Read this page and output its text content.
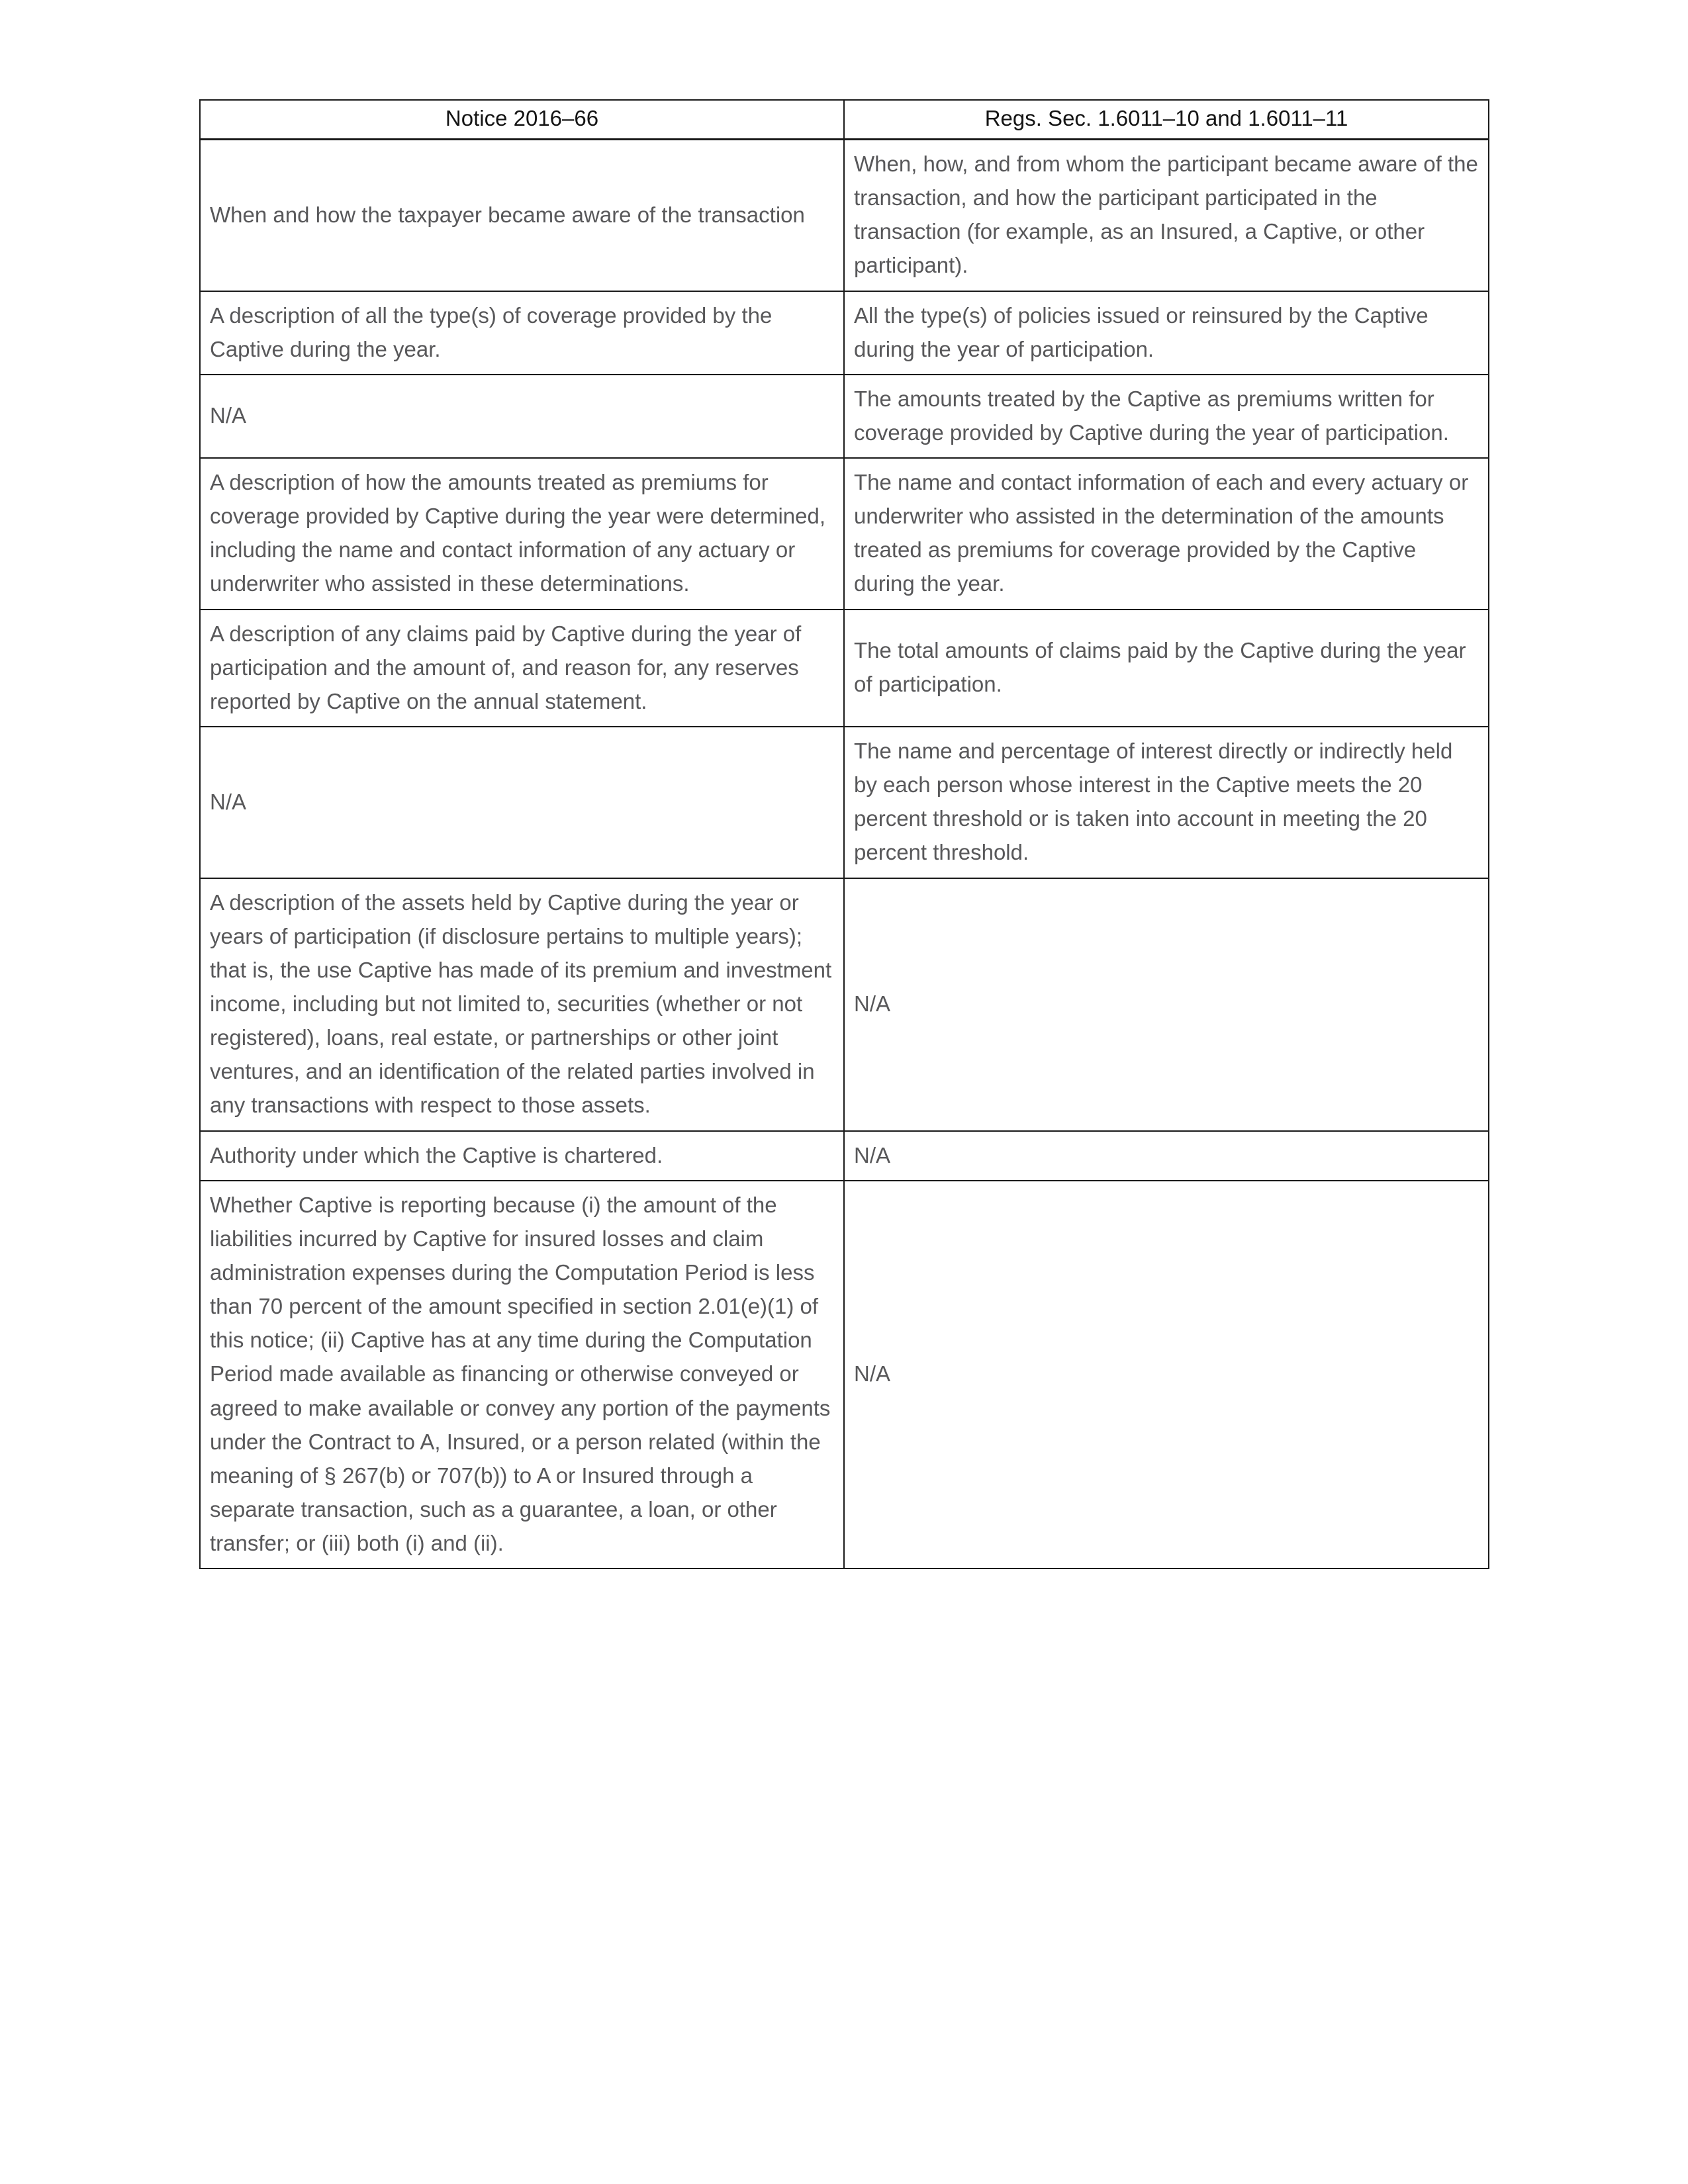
Notice 2016–66	Regs. Sec. 1.6011–10 and 1.6011–11

When and how the taxpayer became aware of the transaction	When, how, and from whom the participant became aware of the transaction, and how the participant participated in the transaction (for example, as an Insured, a Captive, or other participant).

A description of all the type(s) of coverage provided by the Captive during the year.	All the type(s) of policies issued or reinsured by the Captive during the year of participation.

N/A	The amounts treated by the Captive as premiums written for coverage provided by Captive during the year of participation.

A description of how the amounts treated as premiums for coverage provided by Captive during the year were determined, including the name and contact information of any actuary or underwriter who assisted in these determinations.	The name and contact information of each and every actuary or underwriter who assisted in the determination of the amounts treated as premiums for coverage provided by the Captive during the year.

A description of any claims paid by Captive during the year of participation and the amount of, and reason for, any reserves reported by Captive on the annual statement.	The total amounts of claims paid by the Captive during the year of participation.

N/A	The name and percentage of interest directly or indirectly held by each person whose interest in the Captive meets the 20 percent threshold or is taken into account in meeting the 20 percent threshold.

A description of the assets held by Captive during the year or years of participation (if disclosure pertains to multiple years); that is, the use Captive has made of its premium and investment income, including but not limited to, securities (whether or not registered), loans, real estate, or partnerships or other joint ventures, and an identification of the related parties involved in any transactions with respect to those assets.	N/A

Authority under which the Captive is chartered.	N/A

Whether Captive is reporting because (i) the amount of the liabilities incurred by Captive for insured losses and claim administration expenses during the Computation Period is less than 70 percent of the amount specified in section 2.01(e)(1) of this notice; (ii) Captive has at any time during the Computation Period made available as financing or otherwise conveyed or agreed to make available or convey any portion of the payments under the Contract to A, Insured, or a person related (within the meaning of § 267(b) or 707(b)) to A or Insured through a separate transaction, such as a guarantee, a loan, or other transfer; or (iii) both (i) and (ii).	N/A
